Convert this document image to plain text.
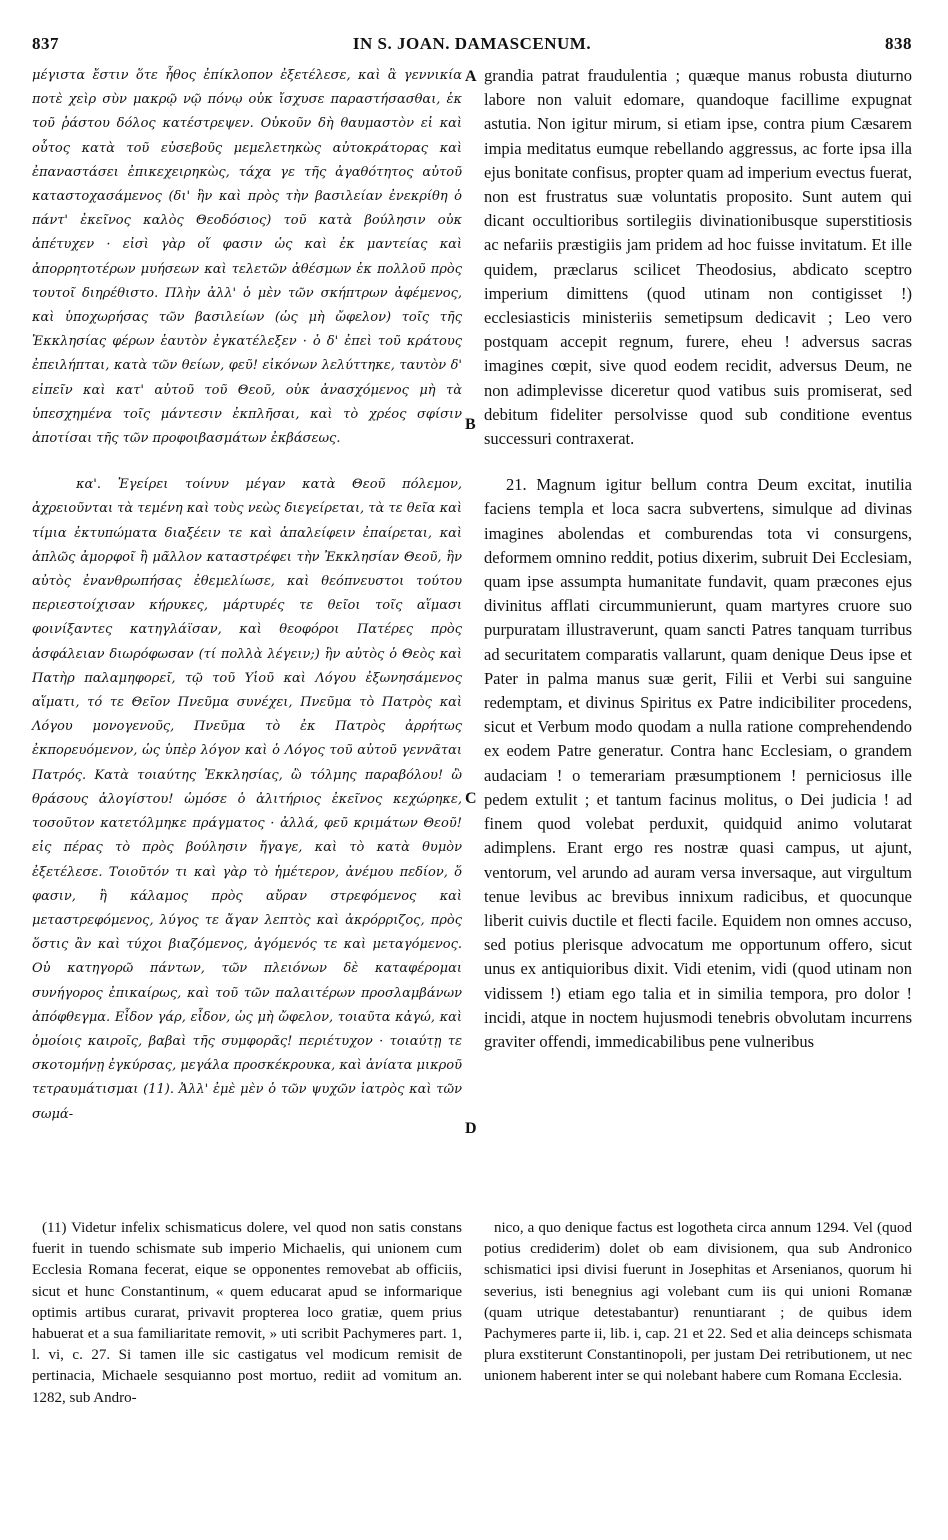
837	IN S. JOAN. DAMASCENUM.	838

μέγιστα ἔστιν ὅτε ἦθος ἐπίκλοπον ἐξετέλεσε, καὶ ἃ γεννικία ποτὲ χεὶρ σὺν μακρῷ νῷ πόνῳ οὐκ ἴσχυσε παραστήσασθαι, ἐκ τοῦ ῥάστου δόλος κατέστρεψεν. Οὐκοῦν δὴ θαυμαστὸν εἰ καὶ οὗτος κατὰ τοῦ εὐσεβοῦς μεμελετηκὼς αὐτοκράτορας καὶ ἐπαναστάσει ἐπικεχειρηκὼς, τάχα γε τῆς ἀγαθότητος αὐτοῦ καταστοχασάμενος (δι' ἣν καὶ πρὸς τὴν βασιλείαν ἐνεκρίθη ὁ πάντ' ἐκεῖνος καλὸς Θεοδόσιος) τοῦ κατὰ βούλησιν οὐκ ἀπέτυχεν · εἰσὶ γὰρ οἵ φασιν ὡς καὶ ἐκ μαντείας καὶ ἀπορρητοτέρων μυήσεων καὶ τελετῶν ἀθέσμων ἐκ πολλοῦ πρὸς τουτοῖ διηρέθιστο. Πλὴν ἀλλ' ὁ μὲν τῶν σκήπτρων ἀφέμενος, καὶ ὑποχωρήσας τῶν βασιλείων (ὡς μὴ ὤφελον) τοῖς τῆς Ἐκκλησίας φέρων ἑαυτὸν ἐγκατέλεξεν · ὁ δ' ἐπεὶ τοῦ κράτους ἐπειλήπται, κατὰ τῶν θείων, φεῦ! εἰκόνων λελύττηκε, ταυτὸν δ' εἰπεῖν καὶ κατ' αὐτοῦ τοῦ Θεοῦ, οὐκ ἀνασχόμενος μὴ τὰ ὑπεσχημένα τοῖς μάντεσιν ἐκπλῆσαι, καὶ τὸ χρέος σφίσιν ἀποτίσαι τῆς τῶν προφοιβασμάτων ἐκβάσεως.

κα'. Ἐγείρει τοίνυν μέγαν κατὰ Θεοῦ πόλεμον, ἀχρειοῦνται τὰ τεμένη καὶ τοὺς νεὼς διεγείρεται, τὰ τε θεῖα καὶ τίμια ἐκτυπώματα διαξέειν τε καὶ ἀπαλείφειν ἐπαίρεται, καὶ ἁπλῶς ἀμορφοῖ ἢ μᾶλλον καταστρέφει τὴν Ἐκκλησίαν Θεοῦ, ἣν αὐτὸς ἐνανθρωπήσας ἐθεμελίωσε, καὶ θεόπνευστοι τούτου περιεστοίχισαν κήρυκες, μάρτυρές τε θεῖοι τοῖς αἵμασι φοινίξαντες κατηγλάϊσαν, καὶ θεοφόροι Πατέρες πρὸς ἀσφάλειαν διωρόφωσαν (τί πολλὰ λέγειν;) ἣν αὐτὸς ὁ Θεὸς καὶ Πατὴρ παλαμηφορεῖ, τῷ τοῦ Υἱοῦ καὶ Λόγου ἐξωνησάμενος αἵματι, τό τε Θεῖον Πνεῦμα συνέχει, Πνεῦμα τὸ Πατρὸς καὶ Λόγου μονογενοῦς, Πνεῦμα τὸ ἐκ Πατρὸς ἀρρήτως ἐκπορευόμενον, ὡς ὑπὲρ λόγον καὶ ὁ Λόγος τοῦ αὐτοῦ γεννᾶται Πατρός. Κατὰ τοιαύτης Ἐκκλησίας, ὢ τόλμης παραβόλου! ὢ θράσους ἀλογίστου! ὡμόσε ὁ ἀλιτήριος ἐκεῖνος κεχώρηκε, τοσοῦτον κατετόλμηκε πράγματος · ἀλλά, φεῦ κριμάτων Θεοῦ! εἰς πέρας τὸ πρὸς βούλησιν ἤγαγε, καὶ τὸ κατὰ θυμὸν ἐξετέλεσε. Τοιοῦτόν τι καὶ γὰρ τὸ ἡμέτερον, ἀνέμου πεδίον, ὅ φασιν, ἢ κάλαμος πρὸς αὔραν στρεφόμενος καὶ μεταστρεφόμενος, λύγος τε ἄγαν λεπτὸς καὶ ἀκρόρριζος, πρὸς ὅστις ἂν καὶ τύχοι βιαζόμενος, ἀγόμενός τε καὶ μεταγόμενος. Οὐ κατηγορῶ πάντων, τῶν πλειόνων δὲ καταφέρομαι συνήγορος ἐπικαίρως, καὶ τοῦ τῶν παλαιτέρων προσλαμβάνων ἀπόφθεγμα. Εἶδον γάρ, εἶδον, ὡς μὴ ὤφελον, τοιαῦτα κἀγώ, καὶ ὁμοίοις καιροῖς, βαβαὶ τῆς συμφορᾶς! περιέτυχον · τοιαύτῃ τε σκοτομήνῃ ἐγκύρσας, μεγάλα προσκέκρουκα, καὶ ἀνίατα μικροῦ τετραυμάτισμαι (11). Ἀλλ' ἐμὲ μὲν ὁ τῶν ψυχῶν ἰατρὸς καὶ τῶν σωμά-

A
B
C
D

grandia patrat fraudulentia ; quæque manus robusta diuturno labore non valuit edomare, quandoque facillime expugnat astutia. Non igitur mirum, si etiam ipse, contra pium Cæsarem impia meditatus eumque rebellando aggressus, ac forte ipsa illa ejus bonitate confisus, propter quam ad imperium evectus fuerat, non est frustratus suæ voluntatis proposito. Sunt autem qui dicant occultioribus sortilegiis divinationibusque superstitiosis ac nefariis præstigiis jam pridem ad hoc fuisse invitatum. Et ille quidem, præclarus scilicet Theodosius, abdicato sceptro imperium dimittens (quod utinam non contigisset !) ecclesiasticis ministeriis semetipsum dedicavit ; Leo vero postquam accepit regnum, furere, eheu ! adversus sacras imagines cœpit, sive quod eodem recidit, adversus Deum, ne non adimplevisse diceretur quod vatibus suis promiserat, sed debitum fideliter persolvisse quod sub conditione eventus successuri contraxerat.

21. Magnum igitur bellum contra Deum excitat, inutilia faciens templa et loca sacra subvertens, simulque ad divinas imagines abolendas et comburendas tota vi consurgens, deformem omnino reddit, potius dixerim, subruit Dei Ecclesiam, quam ipse assumpta humanitate fundavit, quam præcones ejus divinitus afflati circummunierunt, quam martyres cruore suo purpuratam illustraverunt, quam sancti Patres tanquam turribus ad securitatem comparatis vallarunt, quam denique Deus ipse et Pater in palma manus suæ gerit, Filii et Verbi sui sanguine redemptam, et divinus Spiritus ex Patre indicibiliter procedens, sicut et Verbum modo quodam a nulla ratione comprehendendo ex eodem Patre generatur. Contra hanc Ecclesiam, o grandem audaciam ! o temerariam præsumptionem ! perniciosus ille pedem extulit ; et tantum facinus molitus, o Dei judicia ! ad finem quod volebat perduxit, quidquid animo volutarat adimplens. Erant ergo res nostræ quasi campus, ut ajunt, ventorum, vel arundo ad auram versa inversaque, aut virgultum tenue levibus ac brevibus innixum radicibus, et quocunque liberit cuivis ductile et flecti facile. Equidem non omnes accuso, sed potius plerisque advocatum me opportunum offero, sicut unus ex antiquioribus dixit. Vidi etenim, vidi (quod utinam non vidissem !) etiam ego talia et in similia tempora, pro dolor ! incidi, atque in noctem hujusmodi tenebris obvolutam incurrens graviter offendi, immedicabilibus pene vulneribus

(11) Videtur infelix schismaticus dolere, vel quod non satis constans fuerit in tuendo schismate sub imperio Michaelis, qui unionem cum Ecclesia Romana fecerat, eique se opponentes removebat ab officiis, sicut et hunc Constantinum, « quem educarat apud se informarique optimis artibus curarat, privavit propterea loco gratiæ, quem prius habuerat et a sua familiaritate removit, » uti scribit Pachymeres part. 1, l. vi, c. 27. Si tamen ille sic castigatus vel modicum remisit de pertinacia, Michaele sesquianno post mortuo, rediit ad vomitum an. 1282, sub Andro-

nico, a quo denique factus est logotheta circa annum 1294. Vel (quod potius crediderim) dolet ob eam divisionem, qua sub Andronico schismatici ipsi divisi fuerunt in Josephitas et Arsenianos, quorum hi severius, isti benegnius agi volebant cum iis qui unioni Romanæ (quam utrique detestabantur) renuntiarant ; de quibus idem Pachymeres parte ii, lib. i, cap. 21 et 22. Sed et alia deinceps schismata plura exstiterunt Constantinopoli, per justam Dei retributionem, ut nec unionem haberent inter se qui nolebant habere cum Romana Ecclesia.
